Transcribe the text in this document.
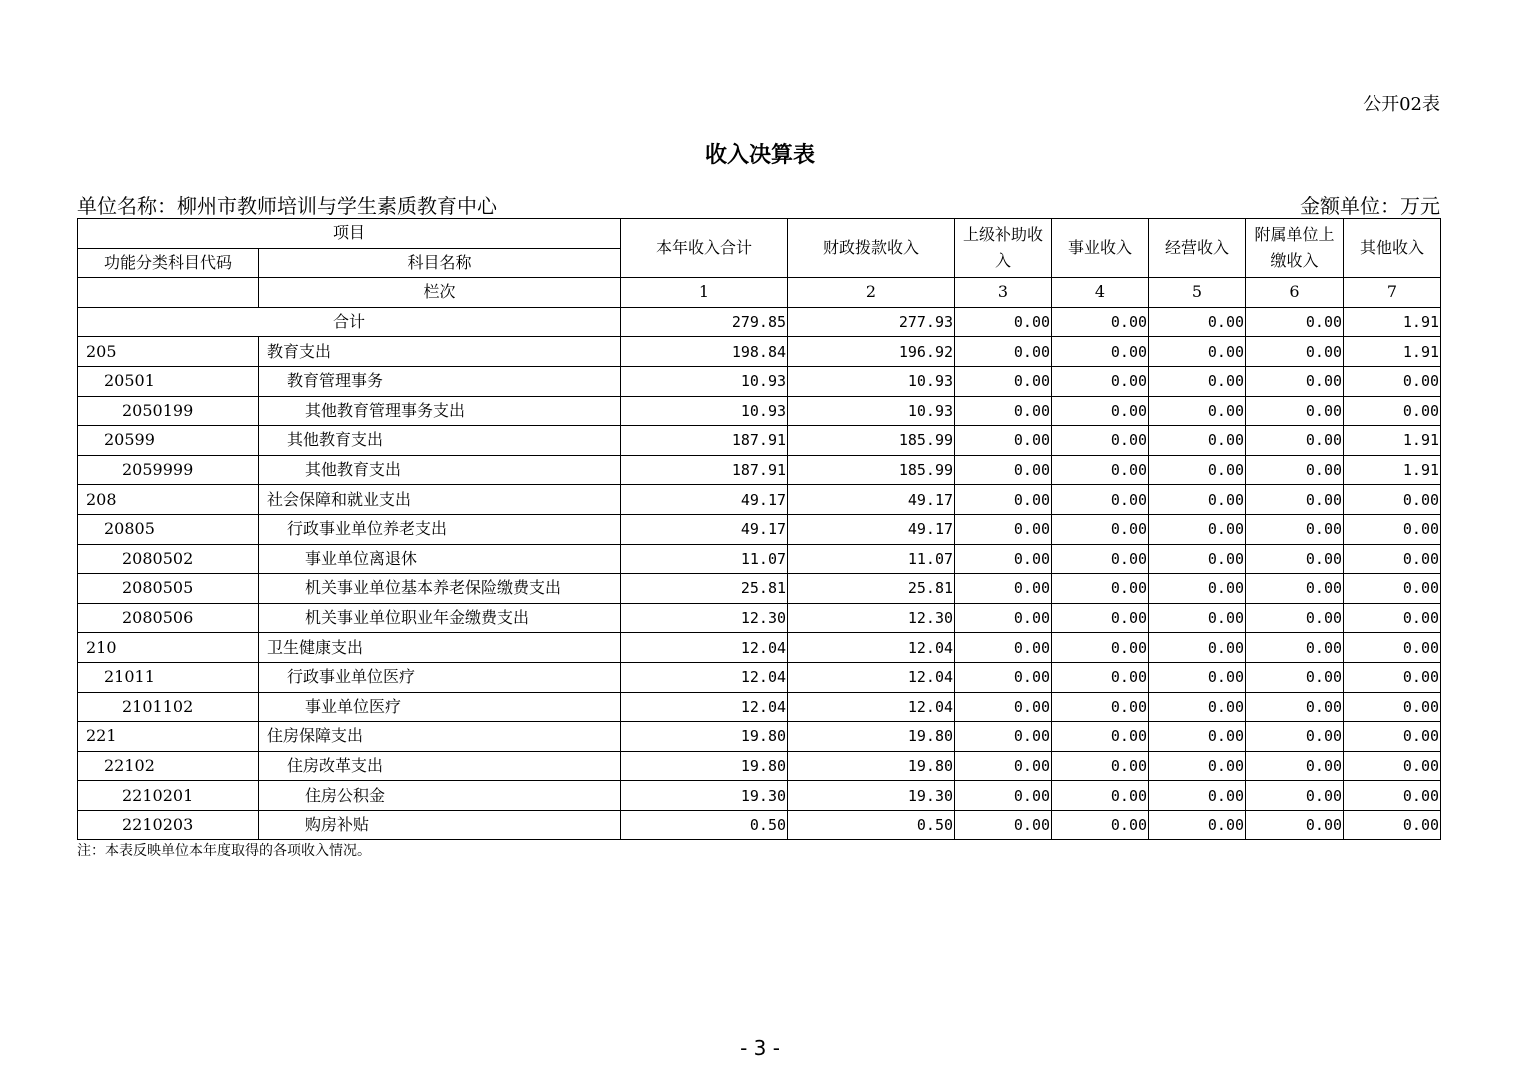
公开02表
收入决算表
单位名称：柳州市教师培训与学生素质教育中心	金额单位：万元
项目		本年收入合计	财政拨款收入	上级补助收入	事业收入	经营收入	附属单位上缴收入	其他收入
功能分类科目代码	科目名称							
	栏次	1	2	3	4	5	6	7
合计		279.85	277.93	0.00	0.00	0.00	0.00	1.91
205	教育支出	198.84	196.92	0.00	0.00	0.00	0.00	1.91
20501	教育管理事务	10.93	10.93	0.00	0.00	0.00	0.00	0.00
2050199	其他教育管理事务支出	10.93	10.93	0.00	0.00	0.00	0.00	0.00
20599	其他教育支出	187.91	185.99	0.00	0.00	0.00	0.00	1.91
2059999	其他教育支出	187.91	185.99	0.00	0.00	0.00	0.00	1.91
208	社会保障和就业支出	49.17	49.17	0.00	0.00	0.00	0.00	0.00
20805	行政事业单位养老支出	49.17	49.17	0.00	0.00	0.00	0.00	0.00
2080502	事业单位离退休	11.07	11.07	0.00	0.00	0.00	0.00	0.00
2080505	机关事业单位基本养老保险缴费支出	25.81	25.81	0.00	0.00	0.00	0.00	0.00
2080506	机关事业单位职业年金缴费支出	12.30	12.30	0.00	0.00	0.00	0.00	0.00
210	卫生健康支出	12.04	12.04	0.00	0.00	0.00	0.00	0.00
21011	行政事业单位医疗	12.04	12.04	0.00	0.00	0.00	0.00	0.00
2101102	事业单位医疗	12.04	12.04	0.00	0.00	0.00	0.00	0.00
221	住房保障支出	19.80	19.80	0.00	0.00	0.00	0.00	0.00
22102	住房改革支出	19.80	19.80	0.00	0.00	0.00	0.00	0.00
2210201	住房公积金	19.30	19.30	0.00	0.00	0.00	0.00	0.00
2210203	购房补贴	0.50	0.50	0.00	0.00	0.00	0.00	0.00
注：本表反映单位本年度取得的各项收入情况。
- 3 -
